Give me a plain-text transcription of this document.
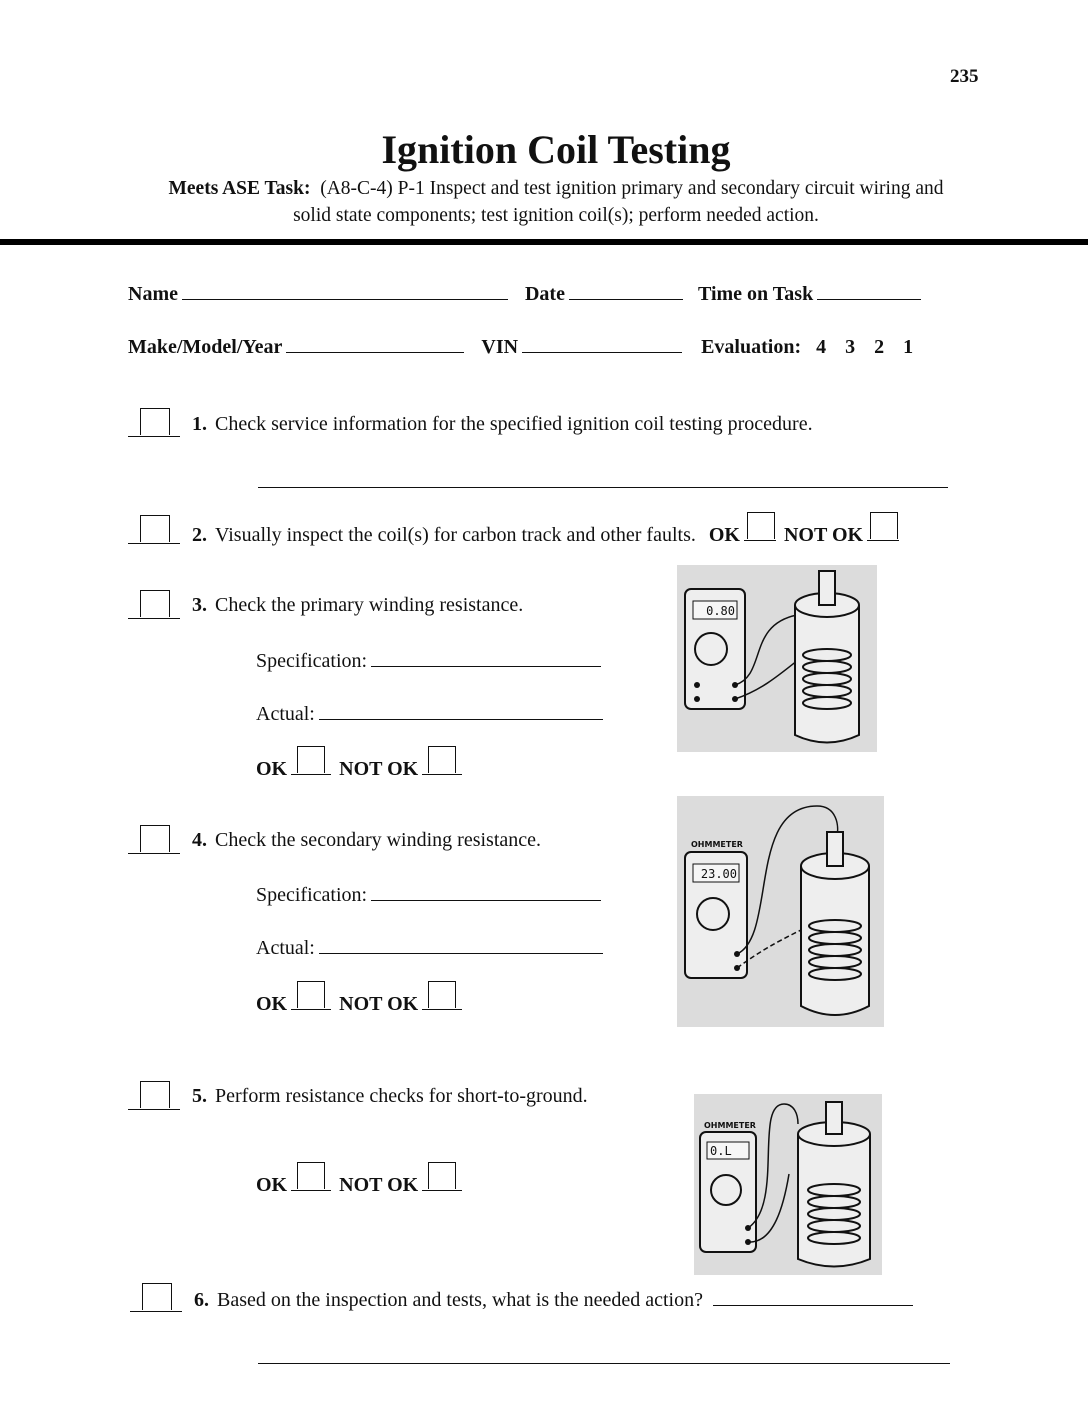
235
Ignition Coil Testing
Meets ASE Task: (A8-C-4) P-1 Inspect and test ignition primary and secondary circuit wiring and
solid state components; test ignition coil(s); perform needed action.
Name	Date	Time on Task
Make/Model/Year	VIN	Evaluation: 4 3 2 1
1. Check service information for the specified ignition coil testing procedure.
2. Visually inspect the coil(s) for carbon track and other faults. OK NOT OK
3. Check the primary winding resistance.
Specification:
Actual:
OK	NOT OK
4. Check the secondary winding resistance.
Specification:
Actual:
OK	NOT OK
5. Perform resistance checks for short-to-ground.
OK	NOT OK
6. Based on the inspection and tests, what is the needed action?
0.80
OHMMETER
23.00
OHMMETER
0.L
